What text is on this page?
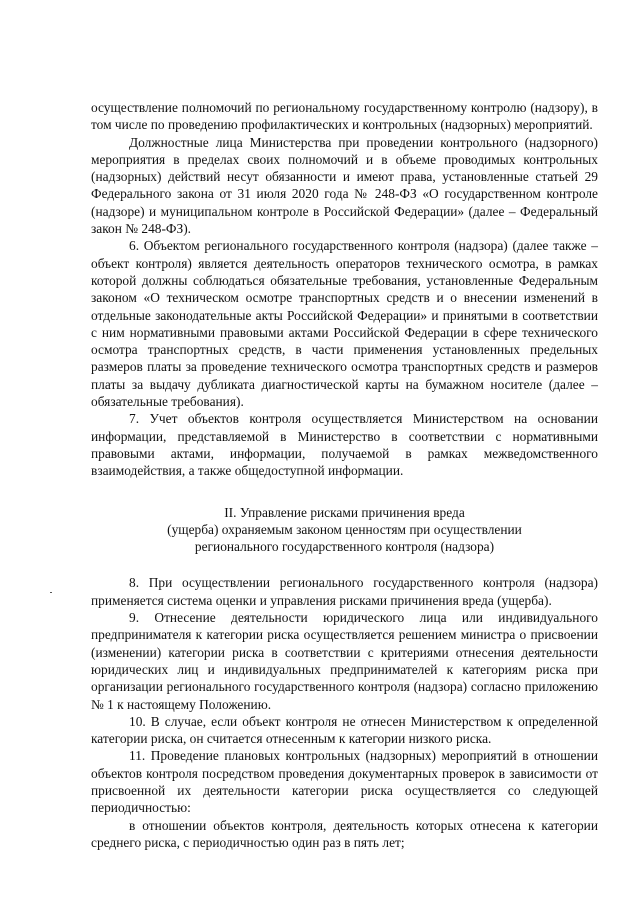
осуществление полномочий по региональному государственному контролю (надзору), в том числе по проведению профилактических и контрольных (надзорных) мероприятий.

Должностные лица Министерства при проведении контрольного (надзорного) мероприятия в пределах своих полномочий и в объеме проводимых контрольных (надзорных) действий несут обязанности и имеют права, установленные статьей 29 Федерального закона от 31 июля 2020 года № 248-ФЗ «О государственном контроле (надзоре) и муниципальном контроле в Российской Федерации» (далее – Федеральный закон № 248-ФЗ).

6. Объектом регионального государственного контроля (надзора) (далее также – объект контроля) является деятельность операторов технического осмотра, в рамках которой должны соблюдаться обязательные требования, установленные Федеральным законом «О техническом осмотре транспортных средств и о внесении изменений в отдельные законодательные акты Российской Федерации» и принятыми в соответствии с ним нормативными правовыми актами Российской Федерации в сфере технического осмотра транспортных средств, в части применения установленных предельных размеров платы за проведение технического осмотра транспортных средств и размеров платы за выдачу дубликата диагностической карты на бумажном носителе (далее – обязательные требования).

7. Учет объектов контроля осуществляется Министерством на основании информации, представляемой в Министерство в соответствии с нормативными правовыми актами, информации, получаемой в рамках межведомственного взаимодействия, а также общедоступной информации.

II. Управление рисками причинения вреда
(ущерба) охраняемым законом ценностям при осуществлении
регионального государственного контроля (надзора)

8. При осуществлении регионального государственного контроля (надзора) применяется система оценки и управления рисками причинения вреда (ущерба).

9. Отнесение деятельности юридического лица или индивидуального предпринимателя к категории риска осуществляется решением министра о присвоении (изменении) категории риска в соответствии с критериями отнесения деятельности юридических лиц и индивидуальных предпринимателей к категориям риска при организации регионального государственного контроля (надзора) согласно приложению № 1 к настоящему Положению.

10. В случае, если объект контроля не отнесен Министерством к определенной категории риска, он считается отнесенным к категории низкого риска.

11. Проведение плановых контрольных (надзорных) мероприятий в отношении объектов контроля посредством проведения документарных проверок в зависимости от присвоенной их деятельности категории риска осуществляется со следующей периодичностью:

в отношении объектов контроля, деятельность которых отнесена к категории среднего риска, с периодичностью один раз в пять лет;
